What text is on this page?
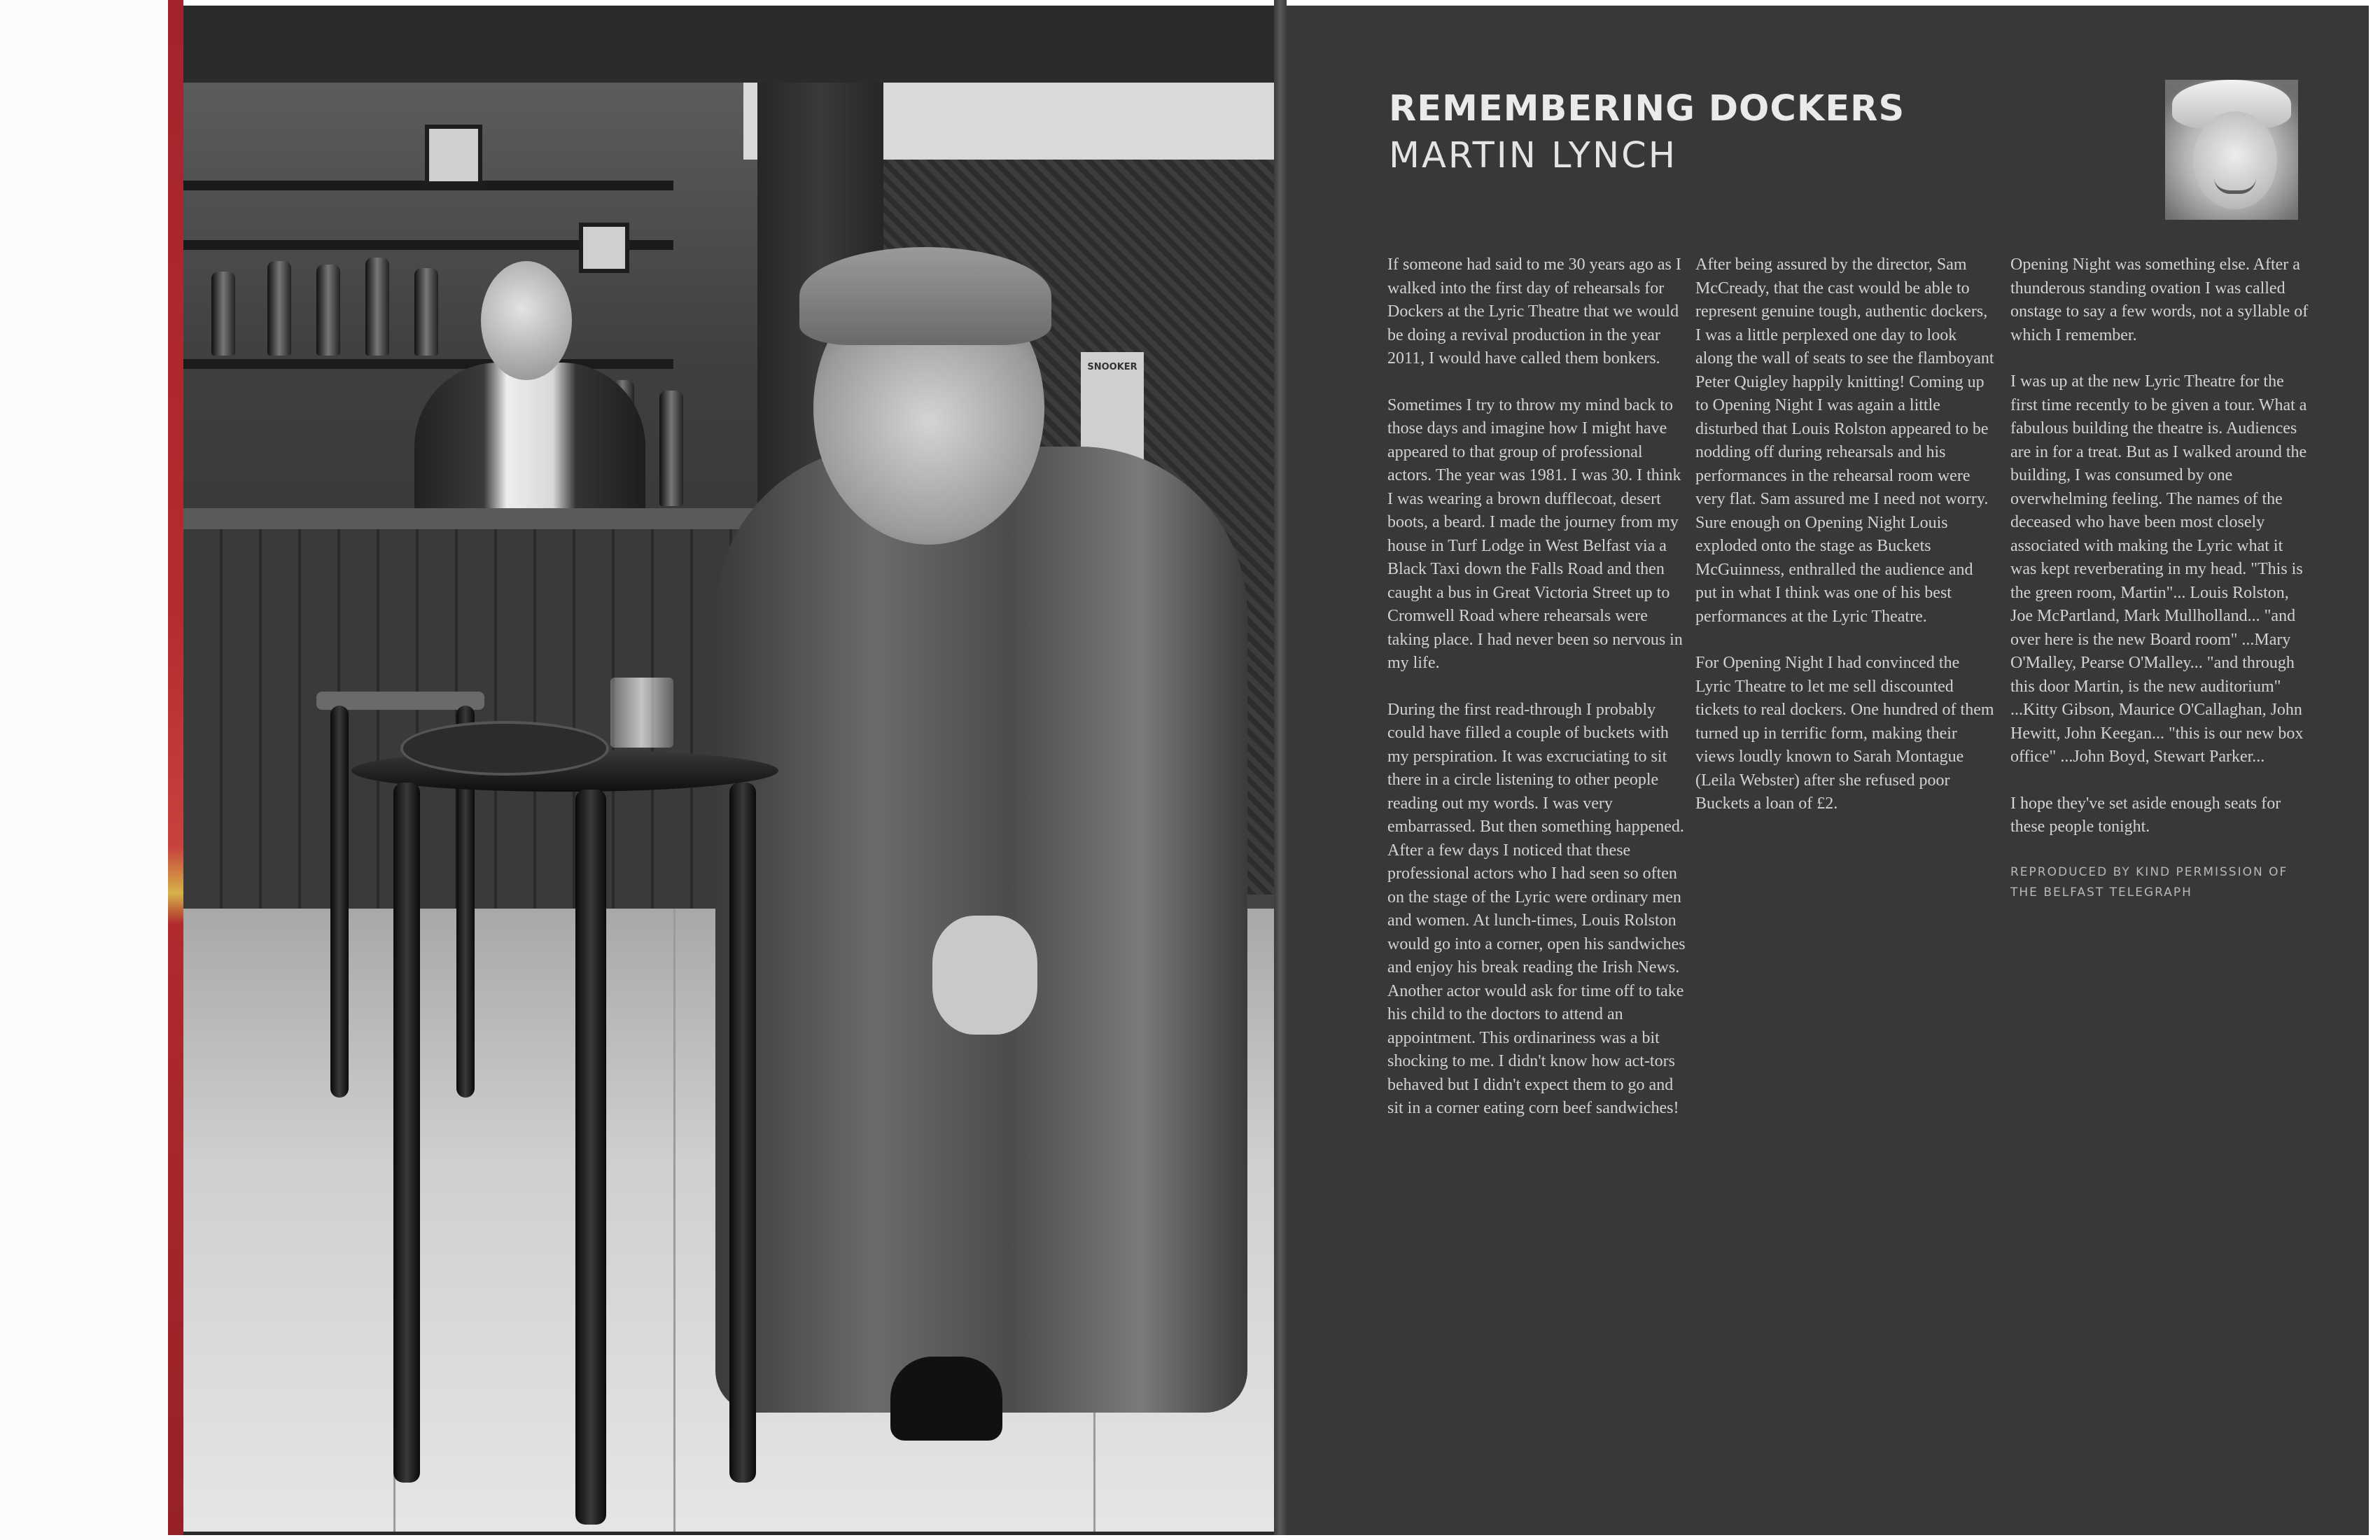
SNOOKER
REMEMBERING DOCKERS
MARTIN LYNCH

If someone had said to me 30 years ago as I walked into the first day of rehearsals for Dockers at the Lyric Theatre that we would be doing a revival production in the year 2011, I would have called them bonkers.

Sometimes I try to throw my mind back to those days and imagine how I might have appeared to that group of professional actors. The year was 1981. I was 30. I think I was wearing a brown dufflecoat, desert boots, a beard. I made the journey from my house in Turf Lodge in West Belfast via a Black Taxi down the Falls Road and then caught a bus in Great Victoria Street up to Cromwell Road where rehearsals were taking place. I had never been so nervous in my life.

During the first read-through I probably could have filled a couple of buckets with my perspiration. It was excruciating to sit there in a circle listening to other people reading out my words. I was very embarrassed. But then something happened. After a few days I noticed that these professional actors who I had seen so often on the stage of the Lyric were ordinary men and women. At lunch-times, Louis Rolston would go into a corner, open his sandwiches and enjoy his break reading the Irish News. Another actor would ask for time off to take his child to the doctors to attend an appointment. This ordinariness was a bit shocking to me. I didn't know how act-tors behaved but I didn't expect them to go and sit in a corner eating corn beef sandwiches!

After being assured by the director, Sam McCready, that the cast would be able to represent genuine tough, authentic dockers, I was a little perplexed one day to look along the wall of seats to see the flamboyant Peter Quigley happily knitting! Coming up to Opening Night I was again a little disturbed that Louis Rolston appeared to be nodding off during rehearsals and his performances in the rehearsal room were very flat. Sam assured me I need not worry. Sure enough on Opening Night Louis exploded onto the stage as Buckets McGuinness, enthralled the audience and put in what I think was one of his best performances at the Lyric Theatre.

For Opening Night I had convinced the Lyric Theatre to let me sell discounted tickets to real dockers. One hundred of them turned up in terrific form, making their views loudly known to Sarah Montague (Leila Webster) after she refused poor Buckets a loan of £2.

Opening Night was something else. After a thunderous standing ovation I was called onstage to say a few words, not a syllable of which I remember.

I was up at the new Lyric Theatre for the first time recently to be given a tour. What a fabulous building the theatre is. Audiences are in for a treat. But as I walked around the building, I was consumed by one overwhelming feeling. The names of the deceased who have been most closely associated with making the Lyric what it was kept reverberating in my head. "This is the green room, Martin"... Louis Rolston, Joe McPartland, Mark Mullholland... "and over here is the new Board room" ...Mary O'Malley, Pearse O'Malley... "and through this door Martin, is the new auditorium" ...Kitty Gibson, Maurice O'Callaghan, John Hewitt, John Keegan... "this is our new box office" ...John Boyd, Stewart Parker...

I hope they've set aside enough seats for these people tonight.

REPRODUCED BY KIND PERMISSION OF THE BELFAST TELEGRAPH
